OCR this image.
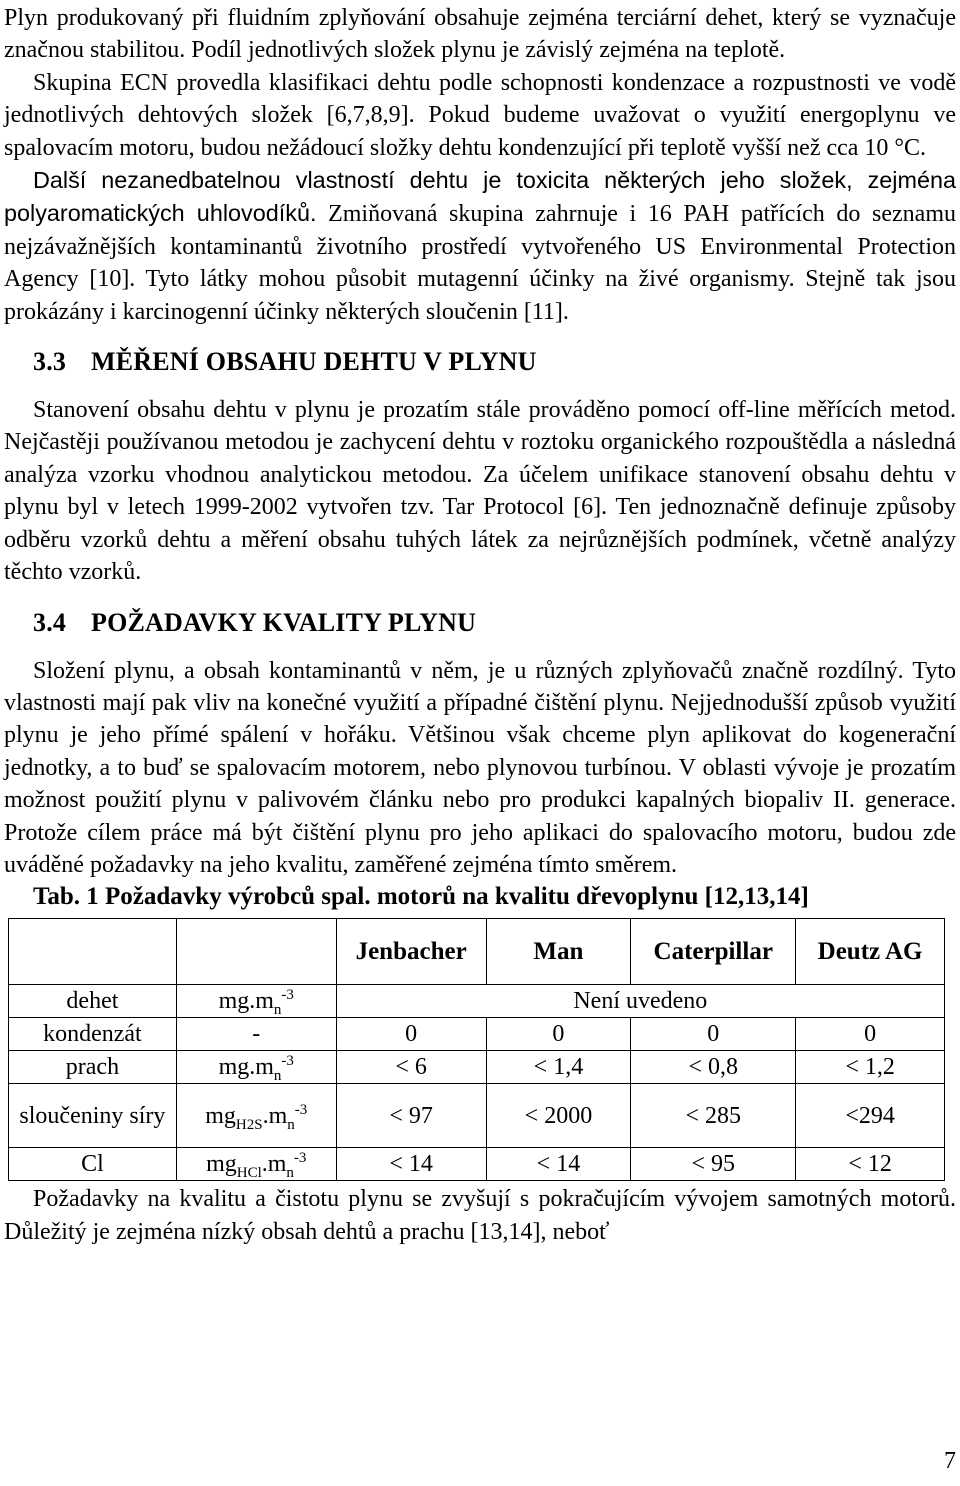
Plyn produkovaný při fluidním zplyňování obsahuje zejména terciární dehet, který se vyznačuje značnou stabilitou. Podíl jednotlivých složek plynu je závislý zejména na teplotě.

Skupina ECN provedla klasifikaci dehtu podle schopnosti kondenzace a rozpustnosti ve vodě jednotlivých dehtových složek [6,7,8,9]. Pokud budeme uvažovat o využití energoplynu ve spalovacím motoru, budou nežádoucí složky dehtu kondenzující při teplotě vyšší než cca 10 °C.

Další nezanedbatelnou vlastností dehtu je toxicita některých jeho složek, zejména polyaromatických uhlovodíků. Zmiňovaná skupina zahrnuje i 16 PAH patřících do seznamu nejzávažnějších kontaminantů životního prostředí vytvořeného US Environmental Protection Agency [10]. Tyto látky mohou působit mutagenní účinky na živé organismy. Stejně tak jsou prokázány i karcinogenní účinky některých sloučenin [11].

3.3 MĚŘENÍ OBSAHU DEHTU V PLYNU

Stanovení obsahu dehtu v plynu je prozatím stále prováděno pomocí off-line měřících metod. Nejčastěji používanou metodou je zachycení dehtu v roztoku organického rozpouštědla a následná analýza vzorku vhodnou analytickou metodou. Za účelem unifikace stanovení obsahu dehtu v plynu byl v letech 1999-2002 vytvořen tzv. Tar Protocol [6]. Ten jednoznačně definuje způsoby odběru vzorků dehtu a měření obsahu tuhých látek za nejrůznějších podmínek, včetně analýzy těchto vzorků.

3.4 POŽADAVKY KVALITY PLYNU

Složení plynu, a obsah kontaminantů v něm, je u různých zplyňovačů značně rozdílný. Tyto vlastnosti mají pak vliv na konečné využití a případné čištění plynu. Nejjednodušší způsob využití plynu je jeho přímé spálení v hořáku. Většinou však chceme plyn aplikovat do kogenerační jednotky, a to buď se spalovacím motorem, nebo plynovou turbínou. V oblasti vývoje je prozatím možnost použití plynu v palivovém článku nebo pro produkci kapalných biopaliv II. generace. Protože cílem práce má být čištění plynu pro jeho aplikaci do spalovacího motoru, budou zde uváděné požadavky na jeho kvalitu, zaměřené zejména tímto směrem.

Tab. 1 Požadavky výrobců spal. motorů na kvalitu dřevoplynu [12,13,14]
		Jenbacher	Man	Caterpillar	Deutz AG
dehet	$mg.m_n^{-3}$	Není uvedeno			
kondenzát	-	0	0	0	0
prach	$mg.m_n^{-3}$	< 6	< 1,4	< 0,8	< 1,2
sloučeniny síry	$mg_{H2S}.m_n^{-3}$	< 97	< 2000	< 285	<294
Cl	$mg_{HCl}.m_n^{-3}$	< 14	< 14	< 95	< 12

Požadavky na kvalitu a čistotu plynu se zvyšují s pokračujícím vývojem samotných motorů. Důležitý je zejména nízký obsah dehtů a prachu [13,14], neboť

7
